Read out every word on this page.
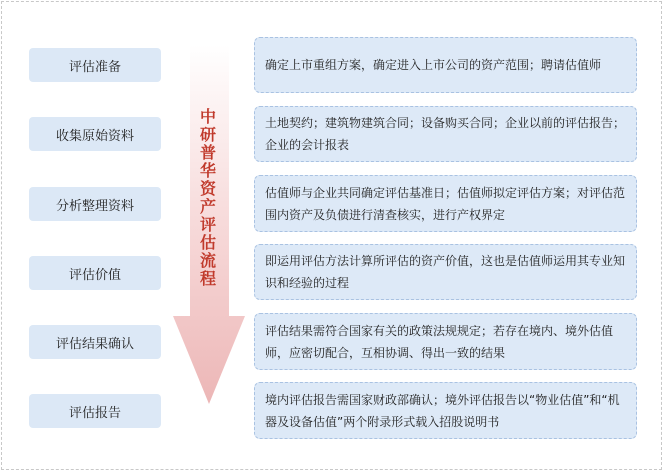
中研普华资产评估流程
评估准备
收集原始资料
分析整理资料
评估价值
评估结果确认
评估报告
确定上市重组方案，确定进入上市公司的资产范围；聘请估值师
土地契约；建筑物建筑合同；设备购买合同；企业以前的评估报告；企业的会计报表
估值师与企业共同确定评估基准日；估值师拟定评估方案；对评估范围内资产及负债进行清查核实，进行产权界定
即运用评估方法计算所评估的资产价值，这也是估值师运用其专业知识和经验的过程
评估结果需符合国家有关的政策法规规定；若存在境内、境外估值师，应密切配合，互相协调、得出一致的结果
境内评估报告需国家财政部确认；境外评估报告以“物业估值”和“机器及设备估值”两个附录形式载入招股说明书
